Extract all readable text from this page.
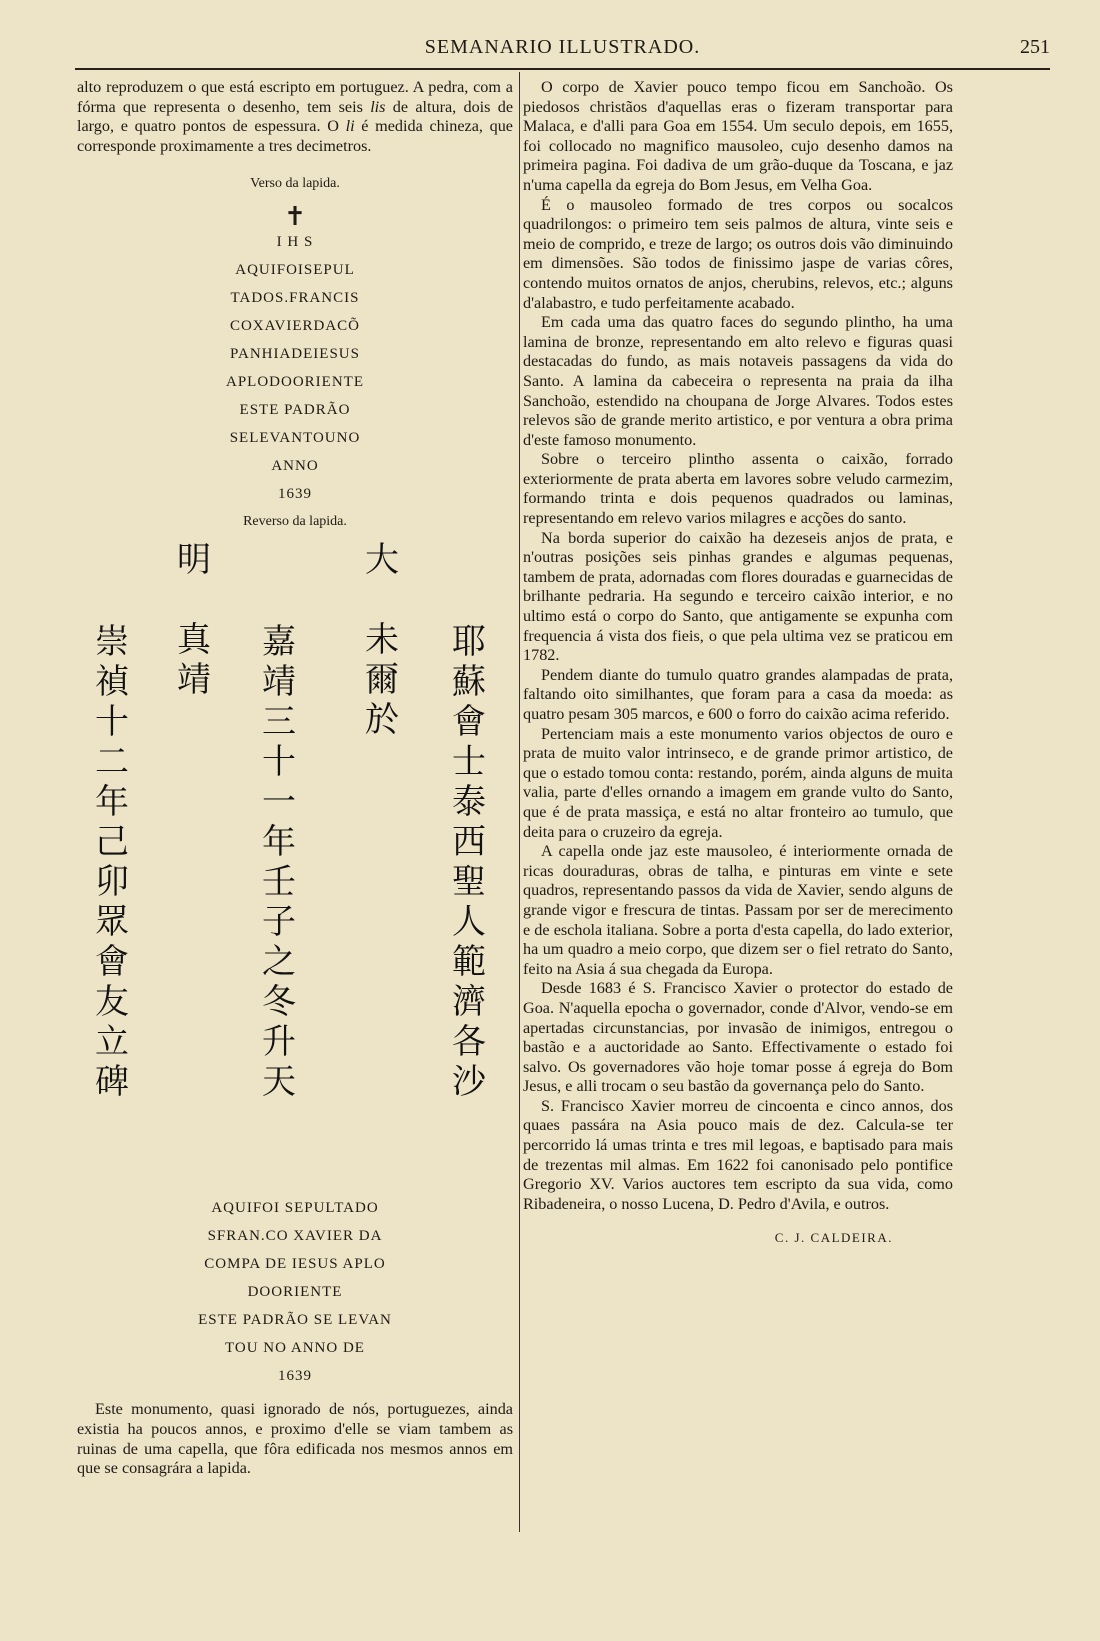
SEMANARIO ILLUSTRADO.	251

alto reproduzem o que está escripto em portuguez. A pedra, com a fórma que representa o desenho, tem seis lis de altura, dois de largo, e quatro pontos de espessura. O li é medida chineza, que corresponde proximamente a tres decimetros.

Verso da lapida.

✝
I H S
AQUIFOISEPUL
TADOS.FRANCIS
COXAVIERDACÕ
PANHIADEIESUS
APLODOORIENTE
ESTE PADRÃO
SELEVANTOUNO
ANNO
1639

Reverso da lapida.

崇
禎
十
二
年
己
卯
眾
會
友
立
碑
明

真
靖
嘉
靖
三
十
一
年
壬
子
之
冬
升
天
大

未
爾
於
耶
蘇
會
士
泰
西
聖
人
範
濟
各
沙
AQUIFOI SEPULTADO
SFRAN.CO XAVIER DA
COMPA DE IESUS APLO
DOORIENTE
ESTE PADRÃO SE LEVAN
TOU NO ANNO DE
1639

Este monumento, quasi ignorado de nós, portuguezes, ainda existia ha poucos annos, e proximo d'elle se viam tambem as ruinas de uma capella, que fôra edificada nos mesmos annos em que se consagrára a lapida.

O corpo de Xavier pouco tempo ficou em Sanchoão. Os piedosos christãos d'aquellas eras o fizeram transportar para Malaca, e d'alli para Goa em 1554. Um seculo depois, em 1655, foi collocado no magnifico mausoleo, cujo desenho damos na primeira pagina. Foi dadiva de um grão-duque da Toscana, e jaz n'uma capella da egreja do Bom Jesus, em Velha Goa.

É o mausoleo formado de tres corpos ou socalcos quadrilongos: o primeiro tem seis palmos de altura, vinte seis e meio de comprido, e treze de largo; os outros dois vão diminuindo em dimensões. São todos de finissimo jaspe de varias côres, contendo muitos ornatos de anjos, cherubins, relevos, etc.; alguns d'alabastro, e tudo perfeitamente acabado.

Em cada uma das quatro faces do segundo plintho, ha uma lamina de bronze, representando em alto relevo e figuras quasi destacadas do fundo, as mais notaveis passagens da vida do Santo. A lamina da cabeceira o representa na praia da ilha Sanchoão, estendido na choupana de Jorge Alvares. Todos estes relevos são de grande merito artistico, e por ventura a obra prima d'este famoso monumento.

Sobre o terceiro plintho assenta o caixão, forrado exteriormente de prata aberta em lavores sobre veludo carmezim, formando trinta e dois pequenos quadrados ou laminas, representando em relevo varios milagres e acções do santo.

Na borda superior do caixão ha dezeseis anjos de prata, e n'outras posições seis pinhas grandes e algumas pequenas, tambem de prata, adornadas com flores douradas e guarnecidas de brilhante pedraria. Ha segundo e terceiro caixão interior, e no ultimo está o corpo do Santo, que antigamente se expunha com frequencia á vista dos fieis, o que pela ultima vez se praticou em 1782.

Pendem diante do tumulo quatro grandes alampadas de prata, faltando oito similhantes, que foram para a casa da moeda: as quatro pesam 305 marcos, e 600 o forro do caixão acima referido.

Pertenciam mais a este monumento varios objectos de ouro e prata de muito valor intrinseco, e de grande primor artistico, de que o estado tomou conta: restando, porém, ainda alguns de muita valia, parte d'elles ornando a imagem em grande vulto do Santo, que é de prata massiça, e está no altar fronteiro ao tumulo, que deita para o cruzeiro da egreja.

A capella onde jaz este mausoleo, é interiormente ornada de ricas douraduras, obras de talha, e pinturas em vinte e sete quadros, representando passos da vida de Xavier, sendo alguns de grande vigor e frescura de tintas. Passam por ser de merecimento e de eschola italiana. Sobre a porta d'esta capella, do lado exterior, ha um quadro a meio corpo, que dizem ser o fiel retrato do Santo, feito na Asia á sua chegada da Europa.

Desde 1683 é S. Francisco Xavier o protector do estado de Goa. N'aquella epocha o governador, conde d'Alvor, vendo-se em apertadas circunstancias, por invasão de inimigos, entregou o bastão e a auctoridade ao Santo. Effectivamente o estado foi salvo. Os governadores vão hoje tomar posse á egreja do Bom Jesus, e alli trocam o seu bastão da governança pelo do Santo.

S. Francisco Xavier morreu de cincoenta e cinco annos, dos quaes passára na Asia pouco mais de dez. Calcula-se ter percorrido lá umas trinta e tres mil legoas, e baptisado para mais de trezentas mil almas. Em 1622 foi canonisado pelo pontifice Gregorio XV. Varios auctores tem escripto da sua vida, como Ribadeneira, o nosso Lucena, D. Pedro d'Avila, e outros.

C. J. CALDEIRA.
